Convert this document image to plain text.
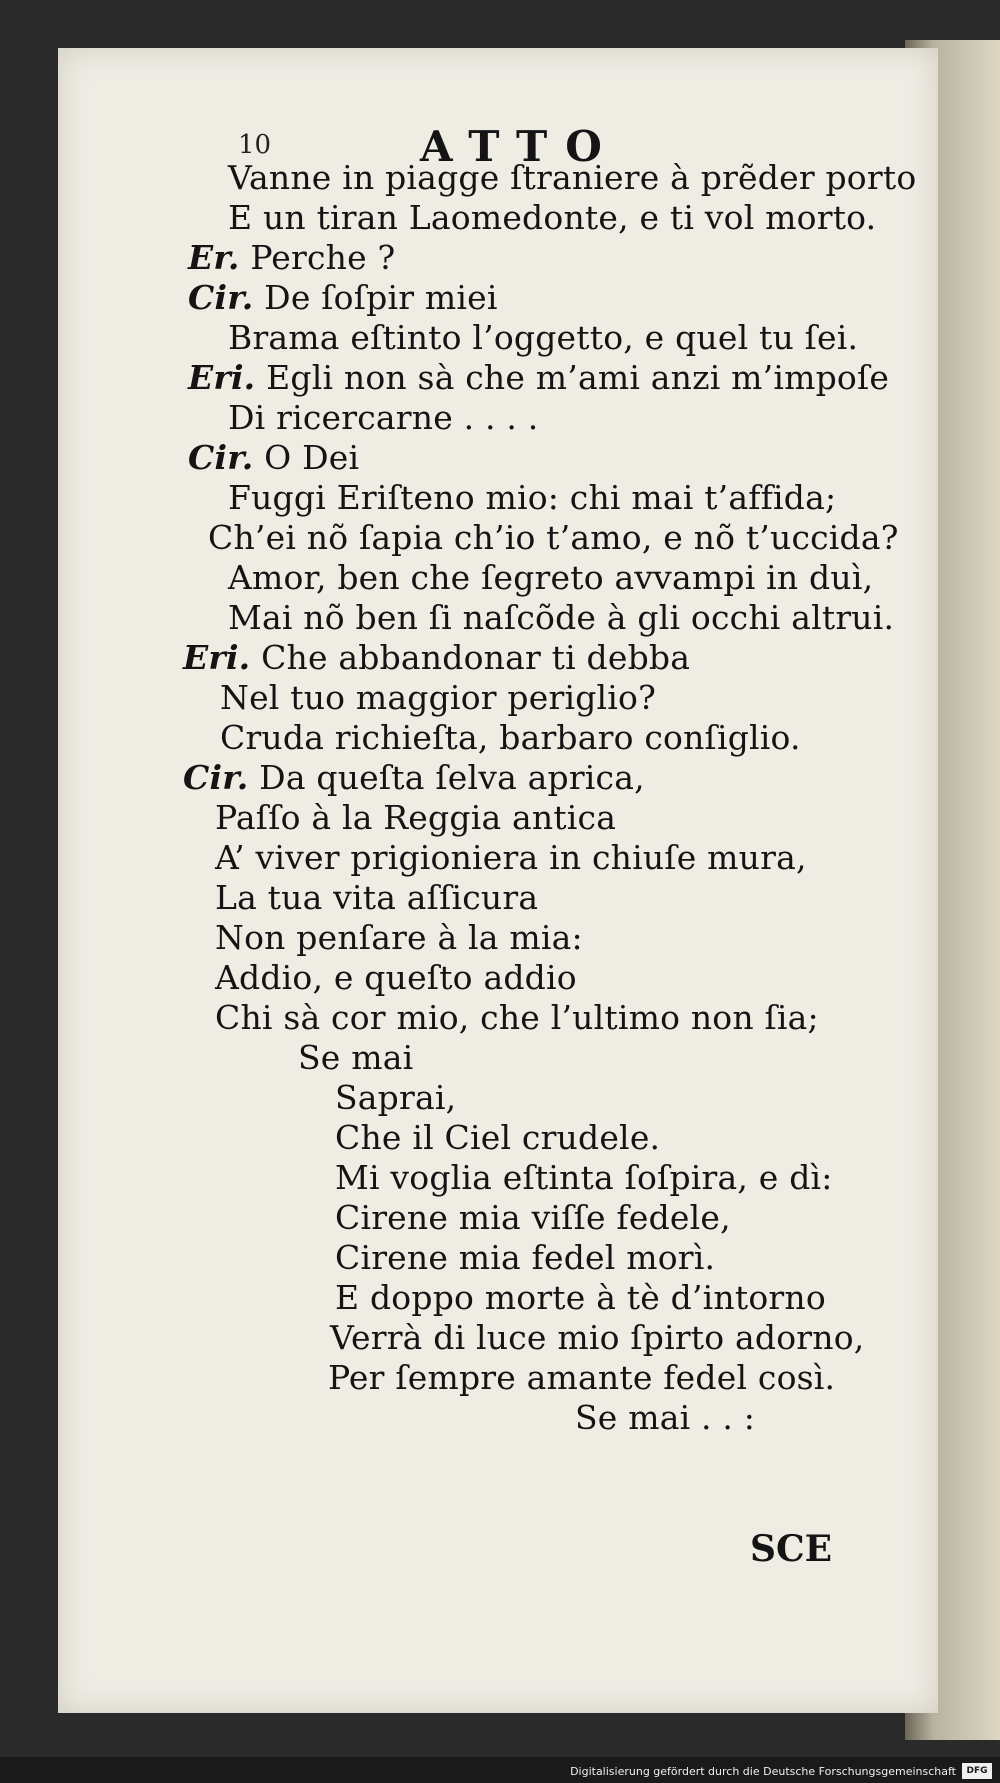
10	ATTO
Vanne in piagge ſtraniere à prẽder porto
E un tiran Laomedonte, e ti vol morto.
Er. Perche ?
Cir. De ſoſpir miei
Brama eſtinto l’oggetto, e quel tu ſei.
Eri. Egli non sà che m’ami anzi m’impoſe
Di ricercarne . . . .
Cir. O Dei
Fuggi Eriſteno mio: chi mai t’affida;
Ch’ei nõ ſapia ch’io t’amo, e nõ t’uccida?
Amor, ben che ſegreto avvampi in duì,
Mai nõ ben ſi naſcõde à gli occhi altrui.
Eri. Che abbandonar ti debba
Nel tuo maggior periglio?
Cruda richieſta, barbaro conſiglio.
Cir. Da queſta ſelva aprica,
Paſſo à la Reggia antica
A’ viver prigioniera in chiuſe mura,
La tua vita aſſicura
Non penſare à la mia:
Addio, e queſto addio
Chi sà cor mio, che l’ultimo non ſia;
Se mai
Saprai,
Che il Ciel crudele.
Mi voglia eſtinta ſoſpira, e dì:
Cirene mia viſſe fedele,
Cirene mia fedel morì.
E doppo morte à tè d’intorno
Verrà di luce mio ſpirto adorno,
Per ſempre amante fedel così.
Se mai . . :
SCE
Digitalisierung gefördert durch die Deutsche Forschungsgemeinschaft	DFG
